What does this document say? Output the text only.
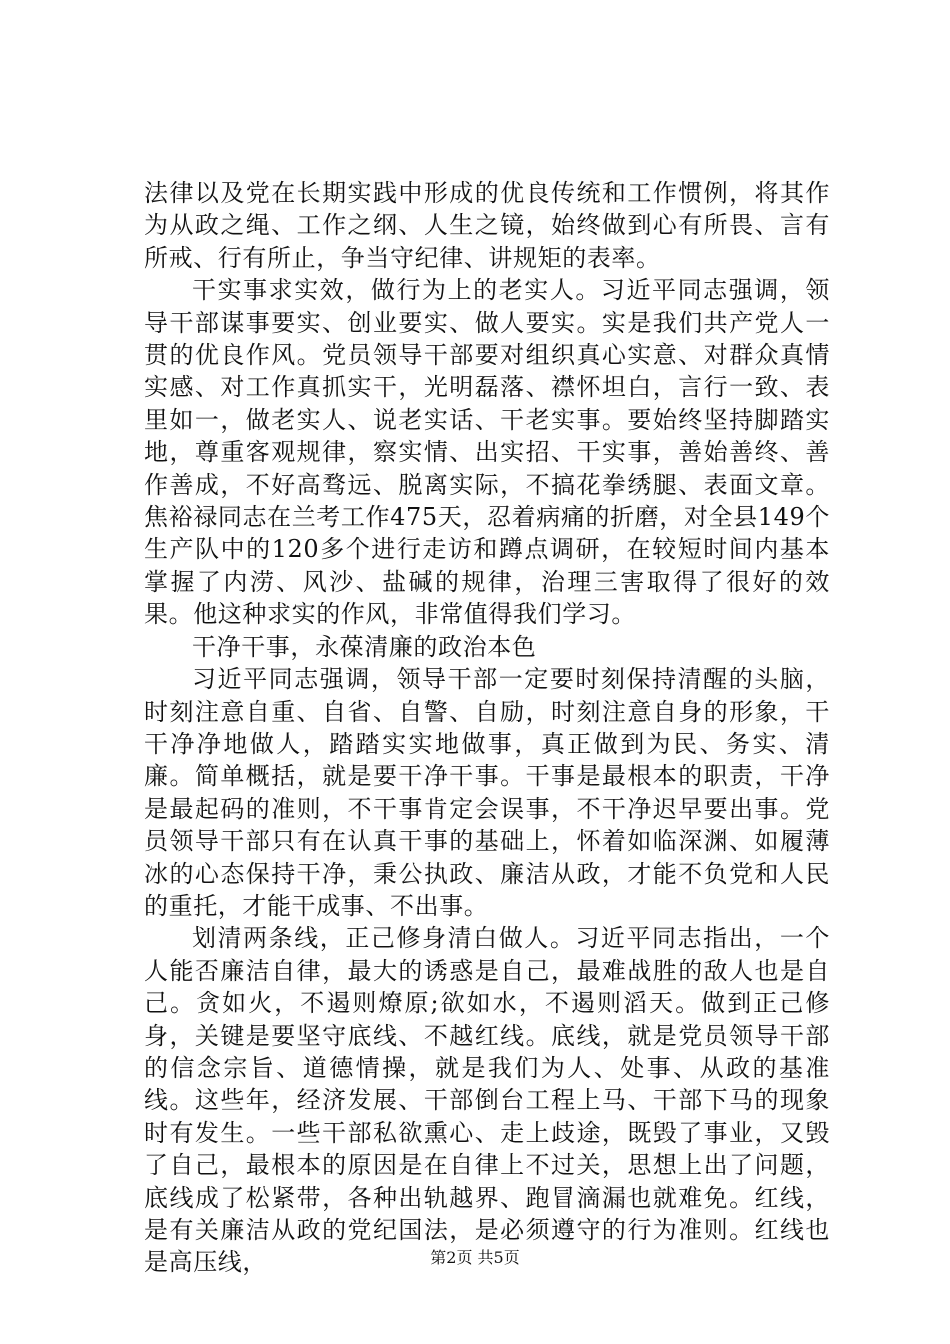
法律以及党在长期实践中形成的优良传统和工作惯例，将其作为从政之绳、工作之纲、人生之镜，始终做到心有所畏、言有所戒、行有所止，争当守纪律、讲规矩的表率。

干实事求实效，做行为上的老实人。习近平同志强调，领导干部谋事要实、创业要实、做人要实。实是我们共产党人一贯的优良作风。党员领导干部要对组织真心实意、对群众真情实感、对工作真抓实干，光明磊落、襟怀坦白，言行一致、表里如一，做老实人、说老实话、干老实事。要始终坚持脚踏实地，尊重客观规律，察实情、出实招、干实事，善始善终、善作善成，不好高骛远、脱离实际，不搞花拳绣腿、表面文章。焦裕禄同志在兰考工作475天，忍着病痛的折磨，对全县149个生产队中的120多个进行走访和蹲点调研，在较短时间内基本掌握了内涝、风沙、盐碱的规律，治理三害取得了很好的效果。他这种求实的作风，非常值得我们学习。

干净干事，永葆清廉的政治本色

习近平同志强调，领导干部一定要时刻保持清醒的头脑，时刻注意自重、自省、自警、自励，时刻注意自身的形象，干干净净地做人，踏踏实实地做事，真正做到为民、务实、清廉。简单概括，就是要干净干事。干事是最根本的职责，干净是最起码的准则，不干事肯定会误事，不干净迟早要出事。党员领导干部只有在认真干事的基础上，怀着如临深渊、如履薄冰的心态保持干净，秉公执政、廉洁从政，才能不负党和人民的重托，才能干成事、不出事。

划清两条线，正己修身清白做人。习近平同志指出，一个人能否廉洁自律，最大的诱惑是自己，最难战胜的敌人也是自己。贪如火，不遏则燎原;欲如水，不遏则滔天。做到正己修身，关键是要坚守底线、不越红线。底线，就是党员领导干部的信念宗旨、道德情操，就是我们为人、处事、从政的基准线。这些年，经济发展、干部倒台工程上马、干部下马的现象时有发生。一些干部私欲熏心、走上歧途，既毁了事业，又毁了自己，最根本的原因是在自律上不过关，思想上出了问题，底线成了松紧带，各种出轨越界、跑冒滴漏也就难免。红线，是有关廉洁从政的党纪国法，是必须遵守的行为准则。红线也是高压线，	第2页 共5页
